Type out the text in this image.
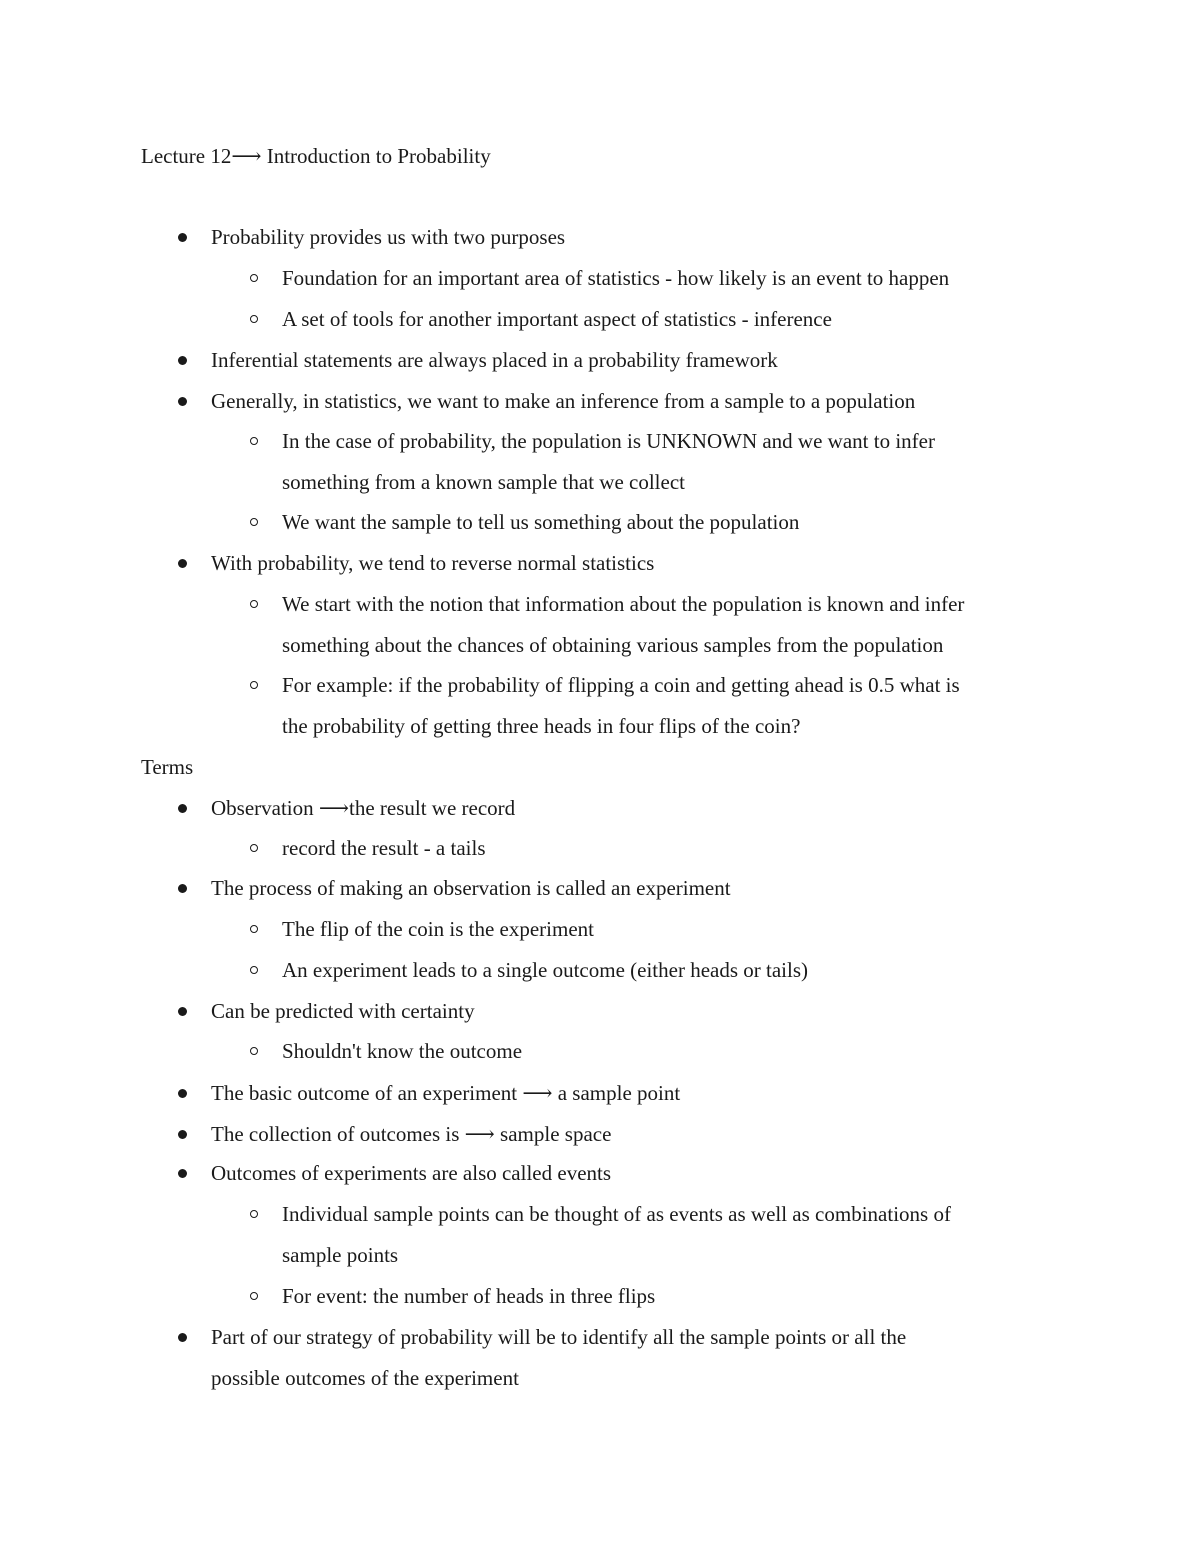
Lecture 12⟶ Introduction to Probability
Probability provides us with two purposes
Foundation for an important area of statistics - how likely is an event to happen
A set of tools for another important aspect of statistics - inference
Inferential statements are always placed in a probability framework
Generally, in statistics, we want to make an inference from a sample to a population
In the case of probability, the population is UNKNOWN and we want to infer
something from a known sample that we collect
We want the sample to tell us something about the population
With probability, we tend to reverse normal statistics
We start with the notion that information about the population is known and infer
something about the chances of obtaining various samples from the population
For example: if the probability of flipping a coin and getting ahead is 0.5 what is
the probability of getting three heads in four flips of the coin?
Terms
Observation ⟶the result we record
record the result - a tails
The process of making an observation is called an experiment
The flip of the coin is the experiment
An experiment leads to a single outcome (either heads or tails)
Can be predicted with certainty
Shouldn't know the outcome
The basic outcome of an experiment ⟶ a sample point
The collection of outcomes is ⟶ sample space
Outcomes of experiments are also called events
Individual sample points can be thought of as events as well as combinations of
sample points
For event: the number of heads in three flips
Part of our strategy of probability will be to identify all the sample points or all the
possible outcomes of the experiment
